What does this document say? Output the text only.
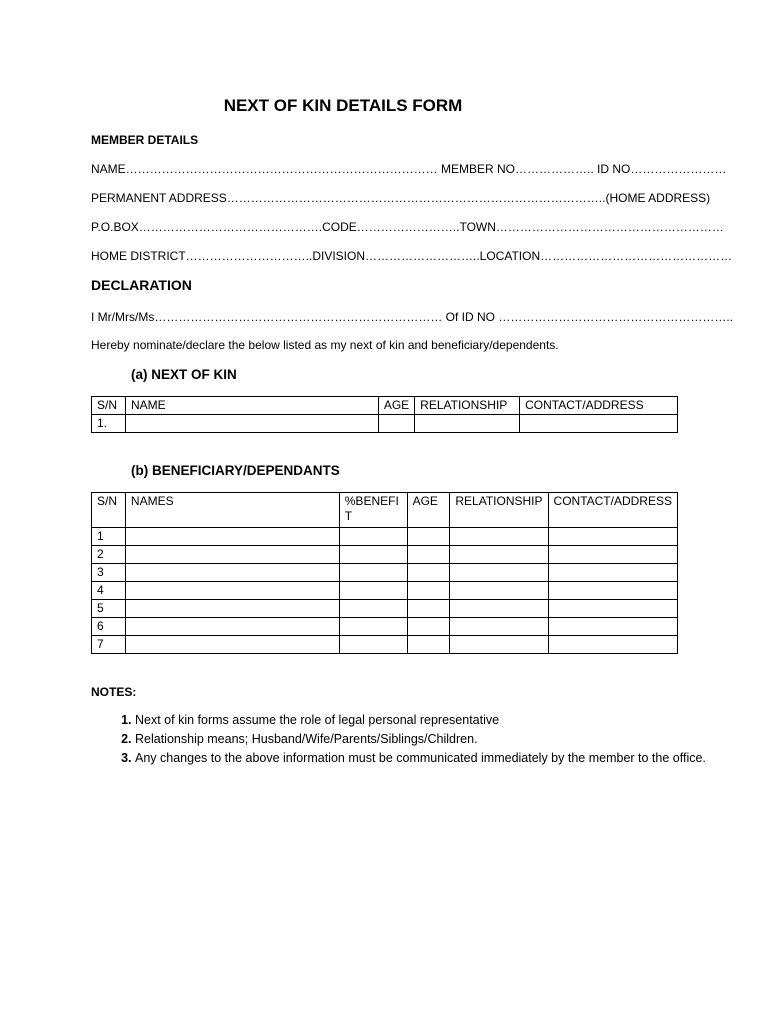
NEXT OF KIN DETAILS FORM
MEMBER DETAILS
NAME…………………………………………………………………… MEMBER NO……………….. ID NO……………………
PERMANENT ADDRESS…………………………………………………………………………………..(HOME ADDRESS)
P.O.BOX……………………………………….CODE……………………..TOWN…………………………………………………
HOME DISTRICT…………………………..DIVISION………………………..LOCATION…………………………………………
DECLARATION
I Mr/Mrs/Ms……………………………………………………………… Of ID NO …………………………………………………..
Hereby nominate/declare the below listed as my next of kin and beneficiary/dependents.
(a) NEXT OF KIN
S/N	NAME	AGE	RELATIONSHIP	CONTACT/ADDRESS
1.				
(b) BENEFICIARY/DEPENDANTS
S/N	NAMES	%BENEFIT	AGE	RELATIONSHIP	CONTACT/ADDRESS
1					
2					
3					
4					
5					
6					
7					
NOTES:
1. Next of kin forms assume the role of legal personal representative
2. Relationship means; Husband/Wife/Parents/Siblings/Children.
3. Any changes to the above information must be communicated immediately by the member to the office.
